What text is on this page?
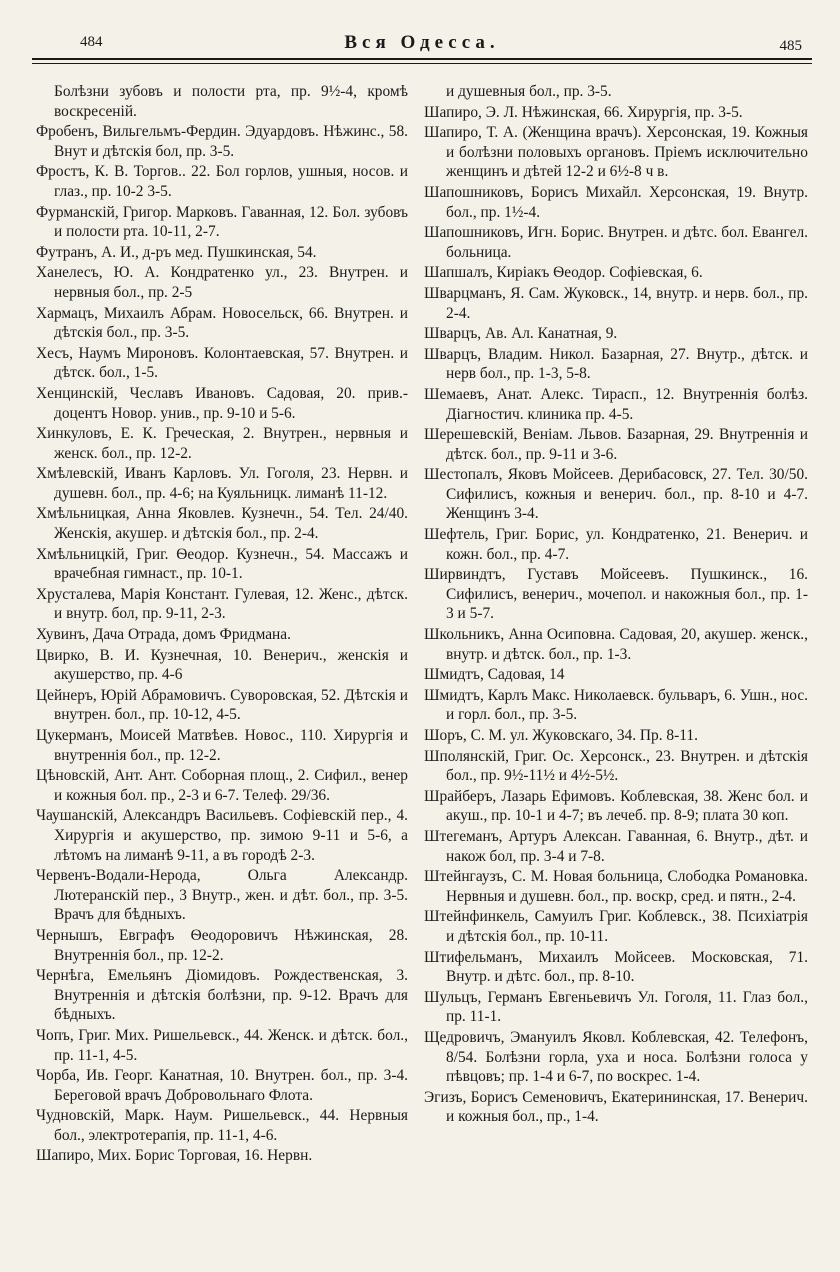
484	Вся Одесса.	485

Болѣзни зубовъ и полости рта, пр. 9½-4, кромѣ воскресеній.

Фробенъ, Вильгельмъ-Фердин. Эдуардовъ. Нѣжинс., 58. Внут и дѣтскія бол, пр. 3-5.

Фростъ, К. В. Торгов.. 22. Бол горлов, ушныя, носов. и глаз., пр. 10-2 3-5.

Фурманскій, Григор. Марковъ. Гаванная, 12. Бол. зубовъ и полости рта. 10-11, 2-7.

Футранъ, А. И., д-ръ мед. Пушкинская, 54.

Ханелесъ, Ю. А. Кондратенко ул., 23. Внутрен. и нервныя бол., пр. 2-5

Хармацъ, Михаилъ Абрам. Новосельск, 66. Внутрен. и дѣтскія бол., пр. 3-5.

Хесъ, Наумъ Мироновъ. Колонтаевская, 57. Внутрен. и дѣтск. бол., 1-5.

Хенцинскій, Чеславъ Ивановъ. Садовая, 20. прив.-доцентъ Новор. унив., пр. 9-10 и 5-6.

Хинкуловъ, Е. К. Греческая, 2. Внутрен., нервныя и женск. бол., пр. 12-2.

Хмѣлевскій, Иванъ Карловъ. Ул. Гоголя, 23. Нервн. и душевн. бол., пр. 4-6; на Куяльницк. лиманѣ 11-12.

Хмѣльницкая, Анна Яковлев. Кузнечн., 54. Тел. 24/40. Женскія, акушер. и дѣтскія бол., пр. 2-4.

Хмѣльницкій, Григ. Ѳеодор. Кузнечн., 54. Массажъ и врачебная гимнаст., пр. 10-1.

Хрусталева, Марія Констант. Гулевая, 12. Женс., дѣтск. и внутр. бол, пр. 9-11, 2-3.

Хувинъ, Дача Отрада, домъ Фридмана.

Цвирко, В. И. Кузнечная, 10. Венерич., женскія и акушерство, пр. 4-6

Цейнеръ, Юрій Абрамовичъ. Суворовская, 52. Дѣтскія и внутрен. бол., пр. 10-12, 4-5.

Цукерманъ, Моисей Матвѣев. Новос., 110. Хирургія и внутреннія бол., пр. 12-2.

Цѣновскій, Ант. Ант. Соборная площ., 2. Сифил., венер и кожныя бол. пр., 2-3 и 6-7. Телеф. 29/36.

Чаушанскій, Александръ Васильевъ. Софіевскій пер., 4. Хирургія и акушерство, пр. зимою 9-11 и 5-6, а лѣтомъ на лиманѣ 9-11, а въ городѣ 2-3.

Червенъ-Водали-Нерода, Ольга Александр. Лютеранскій пер., 3 Внутр., жен. и дѣт. бол., пр. 3-5. Врачъ для бѣдныхъ.

Чернышъ, Евграфъ Ѳеодоровичъ Нѣжинская, 28. Внутреннія бол., пр. 12-2.

Чернѣга, Емельянъ Діомидовъ. Рождественская, 3. Внутреннія и дѣтскія болѣзни, пр. 9-12. Врачъ для бѣдныхъ.

Чопъ, Григ. Мих. Ришельевск., 44. Женск. и дѣтск. бол., пр. 11-1, 4-5.

Чорба, Ив. Георг. Канатная, 10. Внутрен. бол., пр. 3-4. Береговой врачъ Добровольнаго Флота.

Чудновскій, Марк. Наум. Ришельевск., 44. Нервныя бол., электротерапія, пр. 11-1, 4-6.

Шапиро, Мих. Борис Торговая, 16. Нервн.

и душевныя бол., пр. 3-5.

Шапиро, Э. Л. Нѣжинская, 66. Хирургія, пр. 3-5.

Шапиро, Т. А. (Женщина врачъ). Херсонская, 19. Кожныя и болѣзни половыхъ органовъ. Пріемъ исключительно женщинъ и дѣтей 12-2 и 6½-8 ч в.

Шапошниковъ, Борисъ Михайл. Херсонская, 19. Внутр. бол., пр. 1½-4.

Шапошниковъ, Игн. Борис. Внутрен. и дѣтс. бол. Евангел. больница.

Шапшалъ, Киріакъ Ѳеодор. Софіевская, 6.

Шварцманъ, Я. Сам. Жуковск., 14, внутр. и нерв. бол., пр. 2-4.

Шварцъ, Ав. Ал. Канатная, 9.

Шварцъ, Владим. Никол. Базарная, 27. Внутр., дѣтск. и нерв бол., пр. 1-3, 5-8.

Шемаевъ, Анат. Алекс. Тирасп., 12. Внутреннія болѣз. Діагностич. клиника пр. 4-5.

Шерешевскій, Веніам. Львов. Базарная, 29. Внутреннія и дѣтск. бол., пр. 9-11 и 3-6.

Шестопалъ, Яковъ Мойсеев. Дерибасовск, 27. Тел. 30/50. Сифилисъ, кожныя и венерич. бол., пр. 8-10 и 4-7. Женщинъ 3-4.

Шефтель, Григ. Борис, ул. Кондратенко, 21. Венерич. и кожн. бол., пр. 4-7.

Ширвиндтъ, Густавъ Мойсеевъ. Пушкинск., 16. Сифилисъ, венерич., мочепол. и накожныя бол., пр. 1-3 и 5-7.

Школьникъ, Анна Осиповна. Садовая, 20, акушер. женск., внутр. и дѣтск. бол., пр. 1-3.

Шмидтъ, Садовая, 14

Шмидтъ, Карлъ Макс. Николаевск. бульваръ, 6. Ушн., нос. и горл. бол., пр. 3-5.

Шоръ, С. М. ул. Жуковскаго, 34. Пр. 8-11.

Шполянскій, Григ. Ос. Херсонск., 23. Внутрен. и дѣтскія бол., пр. 9½-11½ и 4½-5½.

Шрайберъ, Лазарь Ефимовъ. Коблевская, 38. Женс бол. и акуш., пр. 10-1 и 4-7; въ лечеб. пр. 8-9; плата 30 коп.

Штегеманъ, Артуръ Алексан. Гаванная, 6. Внутр., дѣт. и накож бол, пр. 3-4 и 7-8.

Штейнгаузъ, С. М. Новая больница, Слободка Романовка. Нервныя и душевн. бол., пр. воскр, сред. и пятн., 2-4.

Штейнфинкель, Самуилъ Григ. Коблевск., 38. Психіатрія и дѣтскія бол., пр. 10-11.

Штифельманъ, Михаилъ Мойсеев. Московская, 71. Внутр. и дѣтс. бол., пр. 8-10.

Шульцъ, Германъ Евгеньевичъ Ул. Гоголя, 11. Глаз бол., пр. 11-1.

Щедровичъ, Эмануилъ Яковл. Коблевская, 42. Телефонъ, 8/54. Болѣзни горла, уха и носа. Болѣзни голоса у пѣвцовъ; пр. 1-4 и 6-7, по воскрес. 1-4.

Эгизъ, Борисъ Семеновичъ, Екатерининская, 17. Венерич. и кожныя бол., пр., 1-4.
